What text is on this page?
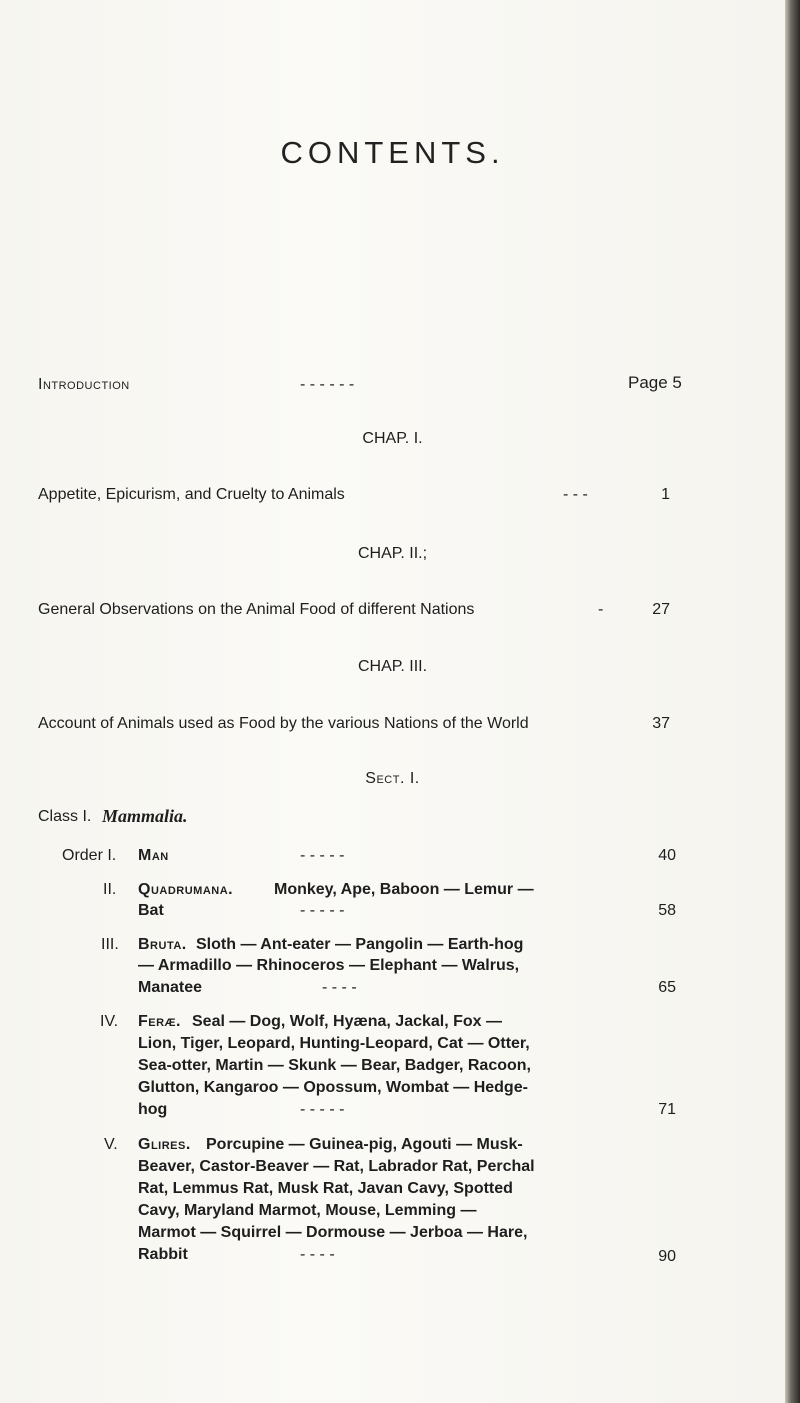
CONTENTS.
Introduction	- - - - - -	Page 5
CHAP. I.
Appetite, Epicurism, and Cruelty to Animals	- - -	1
CHAP. II.;
General Observations on the Animal Food of different Nations	-	27
CHAP. III.
Account of Animals used as Food by the various Nations of the World	37
Sect. I.
Class I. Mammalia.
Order I. Man	- - - - -	40
II. Quadrumana.	Monkey, Ape, Baboon — Lemur —
Bat	- - - - -	58
III. Bruta. Sloth — Ant-eater — Pangolin — Earth-hog
— Armadillo — Rhinoceros — Elephant — Walrus,
Manatee	- - - -	65
IV. Feræ. Seal — Dog, Wolf, Hyæna, Jackal, Fox —
Lion, Tiger, Leopard, Hunting-Leopard, Cat — Otter,
Sea-otter, Martin — Skunk — Bear, Badger, Racoon,
Glutton, Kangaroo — Opossum, Wombat — Hedge-
hog	- - - - -	71
V. Glires. Porcupine — Guinea-pig, Agouti — Musk-
Beaver, Castor-Beaver — Rat, Labrador Rat, Perchal
Rat, Lemmus Rat, Musk Rat, Javan Cavy, Spotted
Cavy, Maryland Marmot, Mouse, Lemming —
Marmot — Squirrel — Dormouse — Jerboa — Hare,
Rabbit	- - - -	90
